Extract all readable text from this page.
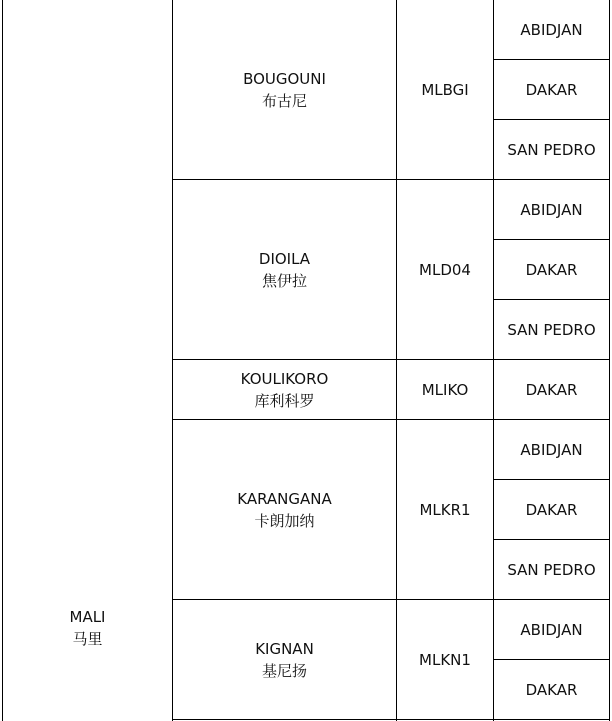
MALI
马里
BOUGOUNI
布古尼
MLBGI
ABIDJAN
DAKAR
SAN PEDRO
DIOILA
焦伊拉
MLD04
ABIDJAN
DAKAR
SAN PEDRO
KOULIKORO
库利科罗
MLIKO	DAKAR
KARANGANA
卡朗加纳
MLKR1
ABIDJAN
DAKAR
SAN PEDRO
KIGNAN
基尼扬
MLKN1
ABIDJAN
DAKAR
